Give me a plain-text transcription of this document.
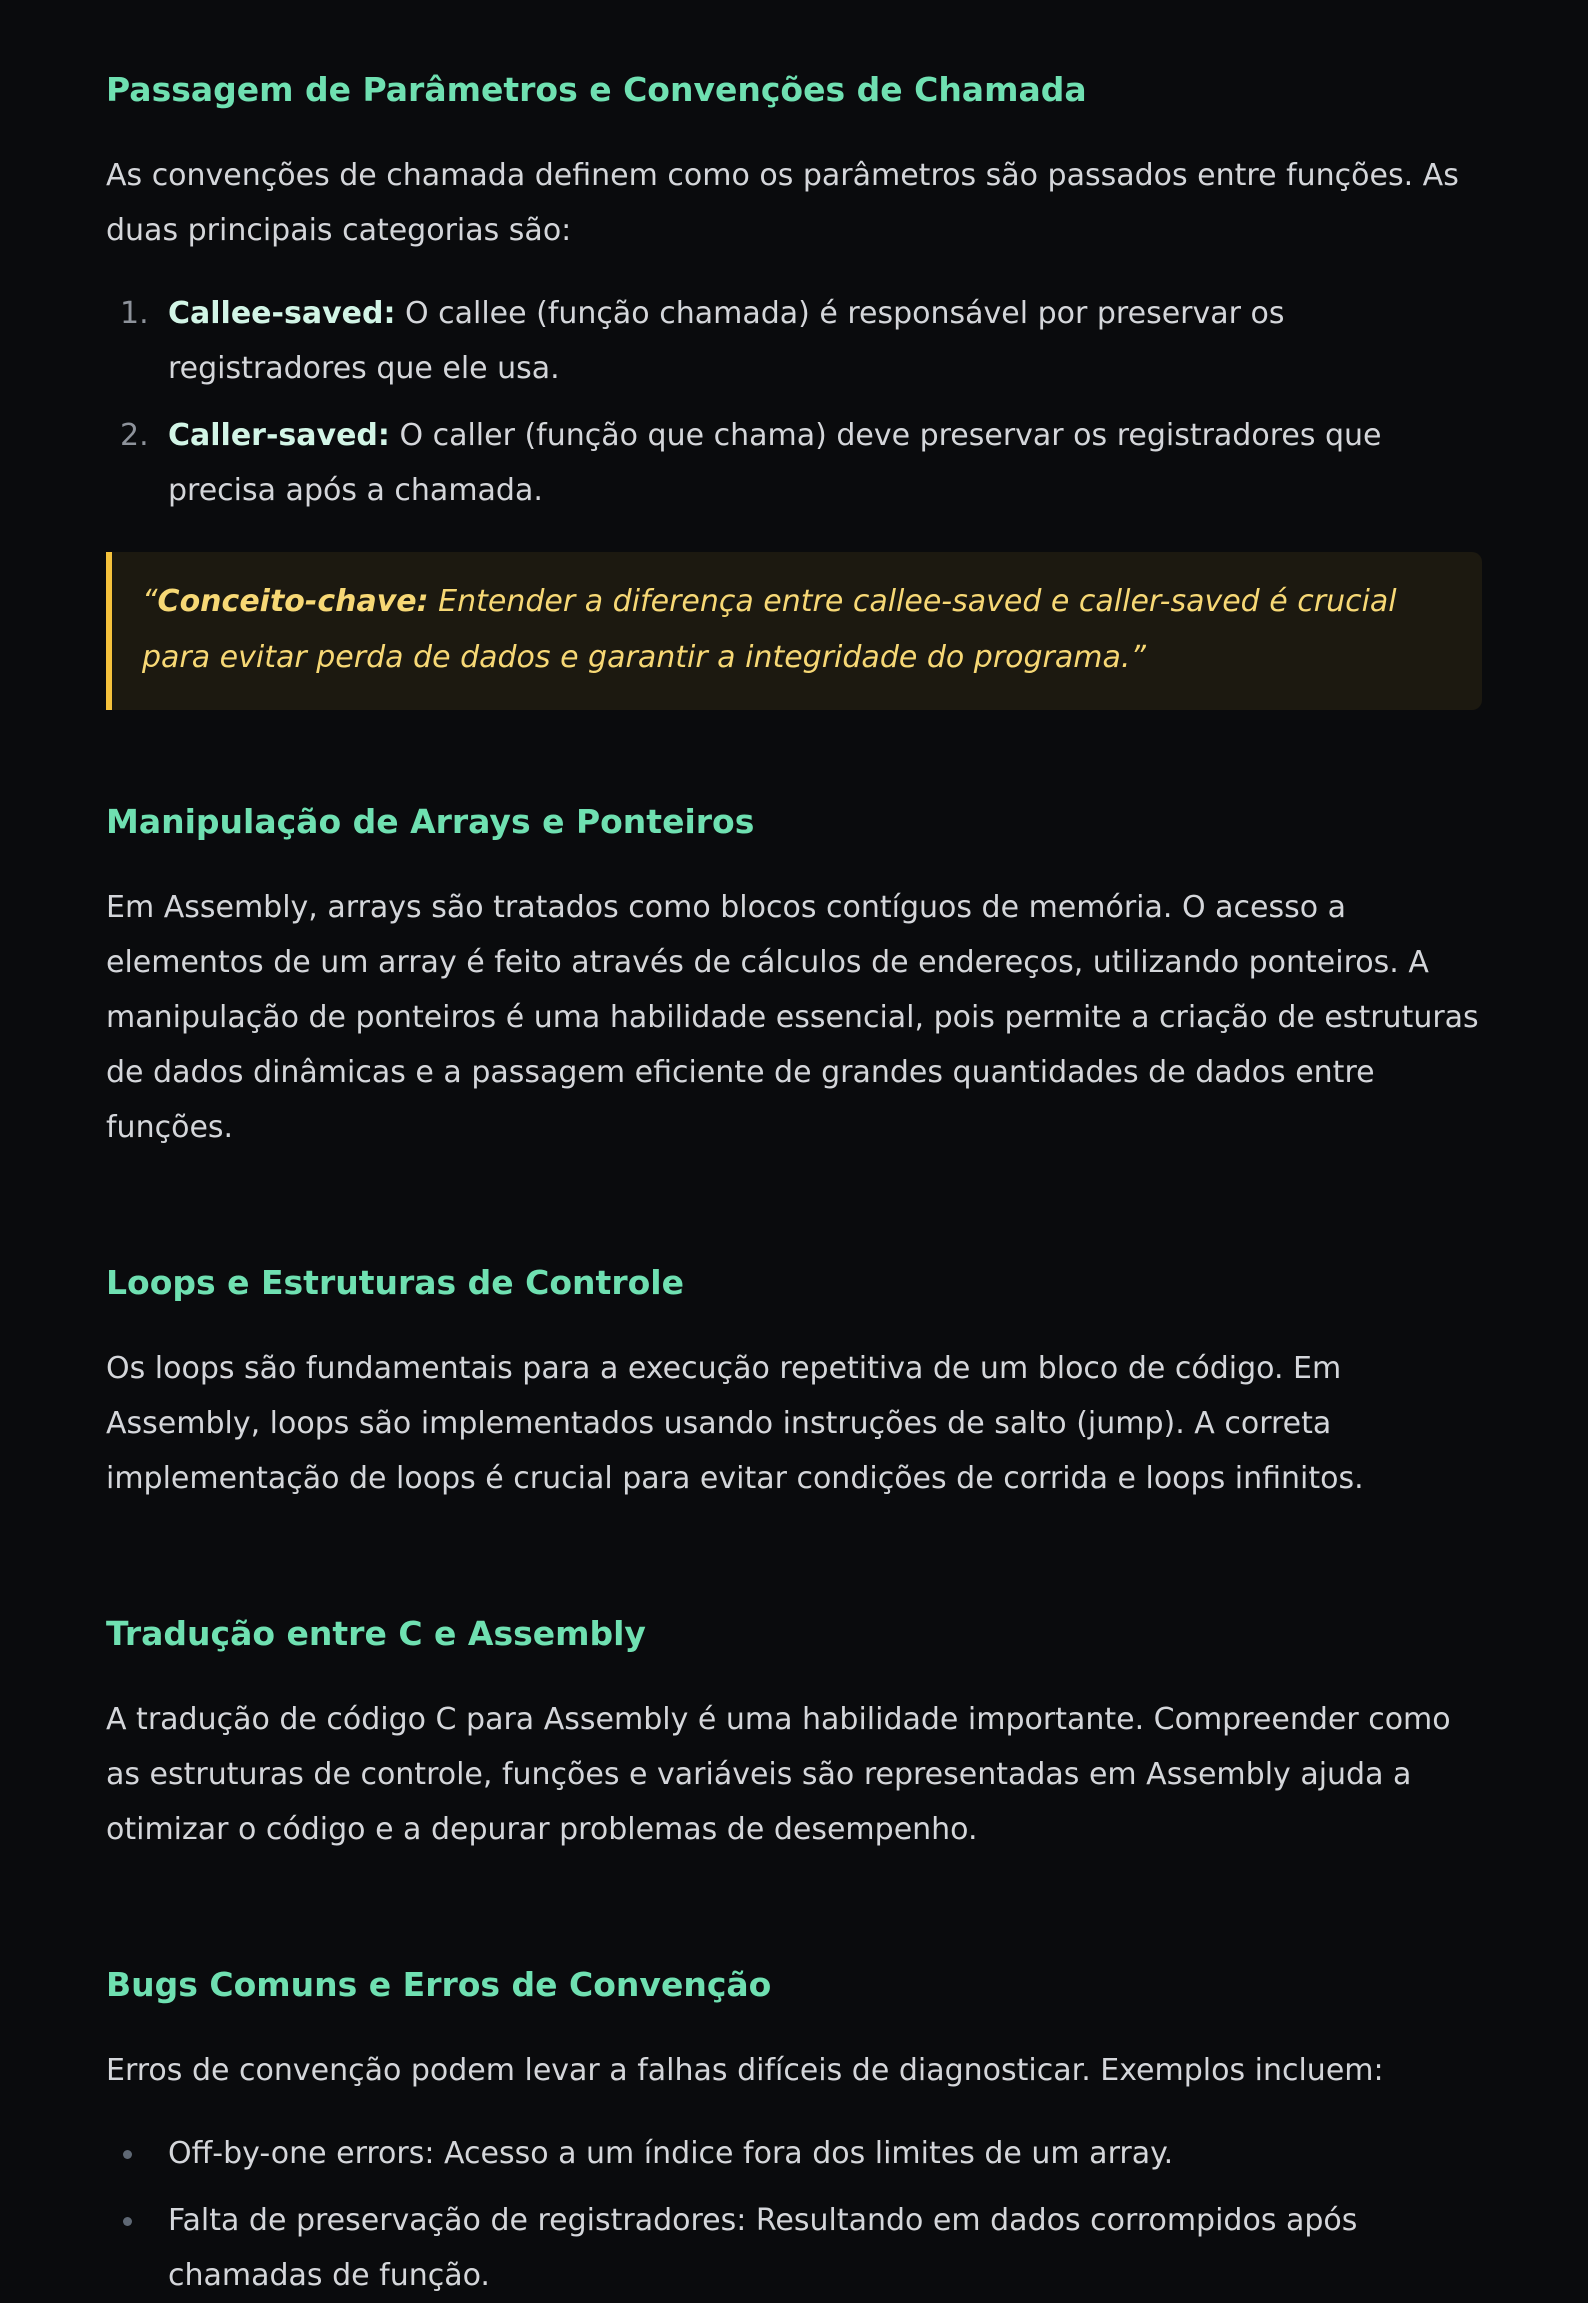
Passagem de Parâmetros e Convenções de Chamada

As convenções de chamada definem como os parâmetros são passados entre funções. As duas principais categorias são:

1. Callee-saved: O callee (função chamada) é responsável por preservar os registradores que ele usa.
2. Caller-saved: O caller (função que chama) deve preservar os registradores que precisa após a chamada.
“Conceito-chave: Entender a diferença entre callee-saved e caller-saved é crucial para evitar perda de dados e garantir a integridade do programa.”
Manipulação de Arrays e Ponteiros

Em Assembly, arrays são tratados como blocos contíguos de memória. O acesso a elementos de um array é feito através de cálculos de endereços, utilizando ponteiros. A manipulação de ponteiros é uma habilidade essencial, pois permite a criação de estruturas de dados dinâmicas e a passagem eficiente de grandes quantidades de dados entre funções.

Loops e Estruturas de Controle

Os loops são fundamentais para a execução repetitiva de um bloco de código. Em Assembly, loops são implementados usando instruções de salto (jump). A correta implementação de loops é crucial para evitar condições de corrida e loops infinitos.

Tradução entre C e Assembly

A tradução de código C para Assembly é uma habilidade importante. Compreender como as estruturas de controle, funções e variáveis são representadas em Assembly ajuda a otimizar o código e a depurar problemas de desempenho.

Bugs Comuns e Erros de Convenção

Erros de convenção podem levar a falhas difíceis de diagnosticar. Exemplos incluem:

Off-by-one errors: Acesso a um índice fora dos limites de um array.
Falta de preservação de registradores: Resultando em dados corrompidos após chamadas de função.
